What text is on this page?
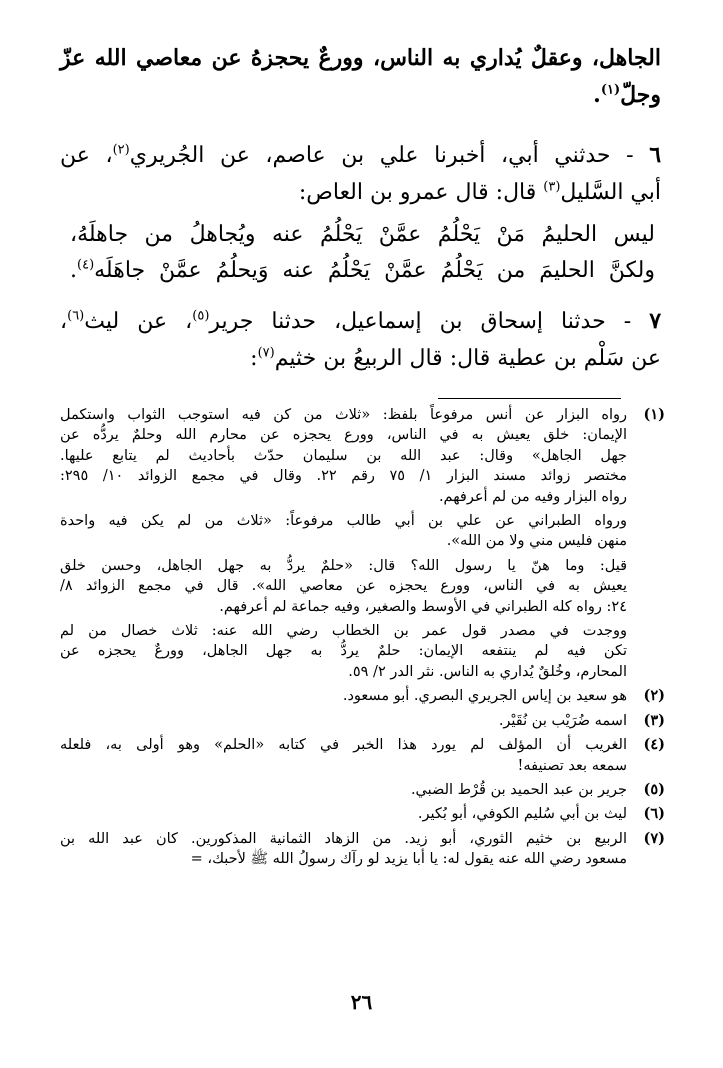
الجاهل، وعقلٌ يُداري به الناس، وورعٌ يحجزهُ عن معاصي الله عزّ
وجلّ$^{(١)}$.
٦ - حدثني أبي، أخبرنا علي بن عاصم، عن الجُريري$^{(٢)}$، عن
أبي السَّليل$^{(٣)}$ قال: قال عمرو بن العاص:
ليس الحليمُ مَنْ يَحْلُمُ عمَّنْ يَحْلُمُ عنه ويُجاهلُ من جاهلَهُ،
ولكنَّ الحليمَ من يَحْلُمُ عمَّنْ يَحْلُمُ عنه وَيحلُمُ عمَّنْ جاهَلَه$^{(٤)}$.
٧ - حدثنا إسحاق بن إسماعيل، حدثنا جرير$^{(٥)}$، عن ليث$^{(٦)}$،
عن سَلْم بن عطية قال: قال الربيعُ بن خثيم$^{(٧)}$:
(١)
رواه البزار عن أنس مرفوعاً بلفظ: «ثلاث من كن فيه استوجب الثواب واستكمل
الإيمان: خلق يعيش به في الناس، وورع يحجزه عن محارم الله وحلمٌ يردُّه عن
جهل الجاهل» وقال: عبد الله بن سليمان حدّث بأحاديث لم يتابع عليها.
مختصر زوائد مسند البزار ١/ ٧٥ رقم ٢٢. وقال في مجمع الزوائد ١٠/ ٢٩٥:
رواه البزار وفيه من لم أعرفهم.
ورواه الطبراني عن علي بن أبي طالب مرفوعاً: «ثلاث من لم يكن فيه واحدة
منهن فليس مني ولا من الله».
قيل: وما هنّ يا رسول الله؟ قال: «حلمٌ يردُّ به جهل الجاهل، وحسن خلق
يعيش به في الناس، وورع يحجزه عن معاصي الله». قال في مجمع الزوائد ٨/
٢٤: رواه كله الطبراني في الأوسط والصغير، وفيه جماعة لم أعرفهم.
ووجدت في مصدر قول عمر بن الخطاب رضي الله عنه: ثلاث خصال من لم
تكن فيه لم ينتفعه الإيمان: حلمٌ يردُّ به جهل الجاهل، وورعٌ يحجزه عن
المحارم، وخُلقٌ يُداري به الناس. نثر الدر ٢/ ٥٩.
(٢)
هو سعيد بن إياس الجريري البصري. أبو مسعود.
(٣)
اسمه ضُرَيْب بن نُقَيْر.
(٤)
الغريب أن المؤلف لم يورد هذا الخبر في كتابه «الحلم» وهو أولى به، فلعله
سمعه بعد تصنيفه!
(٥)
جرير بن عبد الحميد بن قُرْط الضبي.
(٦)
ليث بن أبي سُليم الكوفي، أبو بُكير.
(٧)
الربيع بن خثيم الثوري، أبو زيد. من الزهاد الثمانية المذكورين. كان عبد الله بن
مسعود رضي الله عنه يقول له: يا أبا يزيد لو رآك رسولُ الله ﷺ لأحبك، =
٢٦
